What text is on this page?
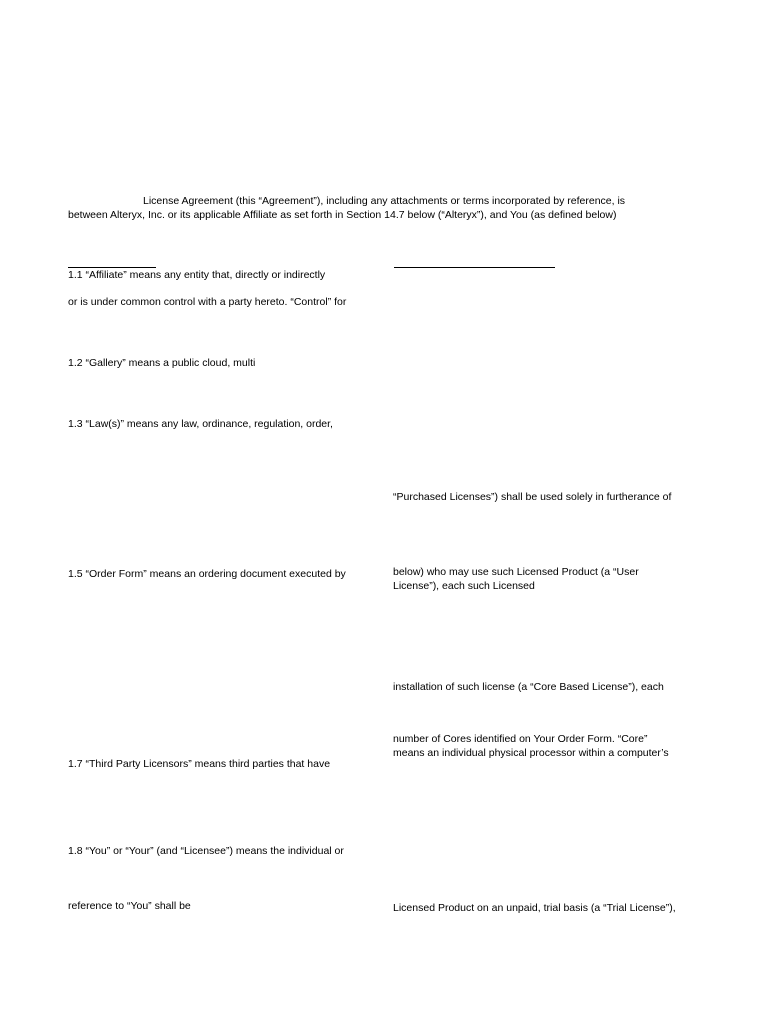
License Agreement (this “Agreement”), including any attachments or terms incorporated by reference, is
between Alteryx, Inc. or its applicable Affiliate as set forth in Section 14.7 below (“Alteryx”), and You (as defined below)
1.1 “Affiliate” means any entity that, directly or indirectly
or is under common control with a party hereto. “Control” for
1.2 “Gallery” means a public cloud, multi
1.3 “Law(s)” means any law, ordinance, regulation, order,
1.5 “Order Form” means an ordering document executed by
1.7 “Third Party Licensors” means third parties that have
1.8 “You” or “Your” (and “Licensee”) means the individual or
reference to “You” shall be
“Purchased Licenses”) shall be used solely in furtherance of
below) who may use such Licensed Product (a “User
License”), each such Licensed
installation of such license (a “Core Based License”), each
number of Cores identified on Your Order Form. “Core”
means an individual physical processor within a computer’s
Licensed Product on an unpaid, trial basis (a “Trial License”),
